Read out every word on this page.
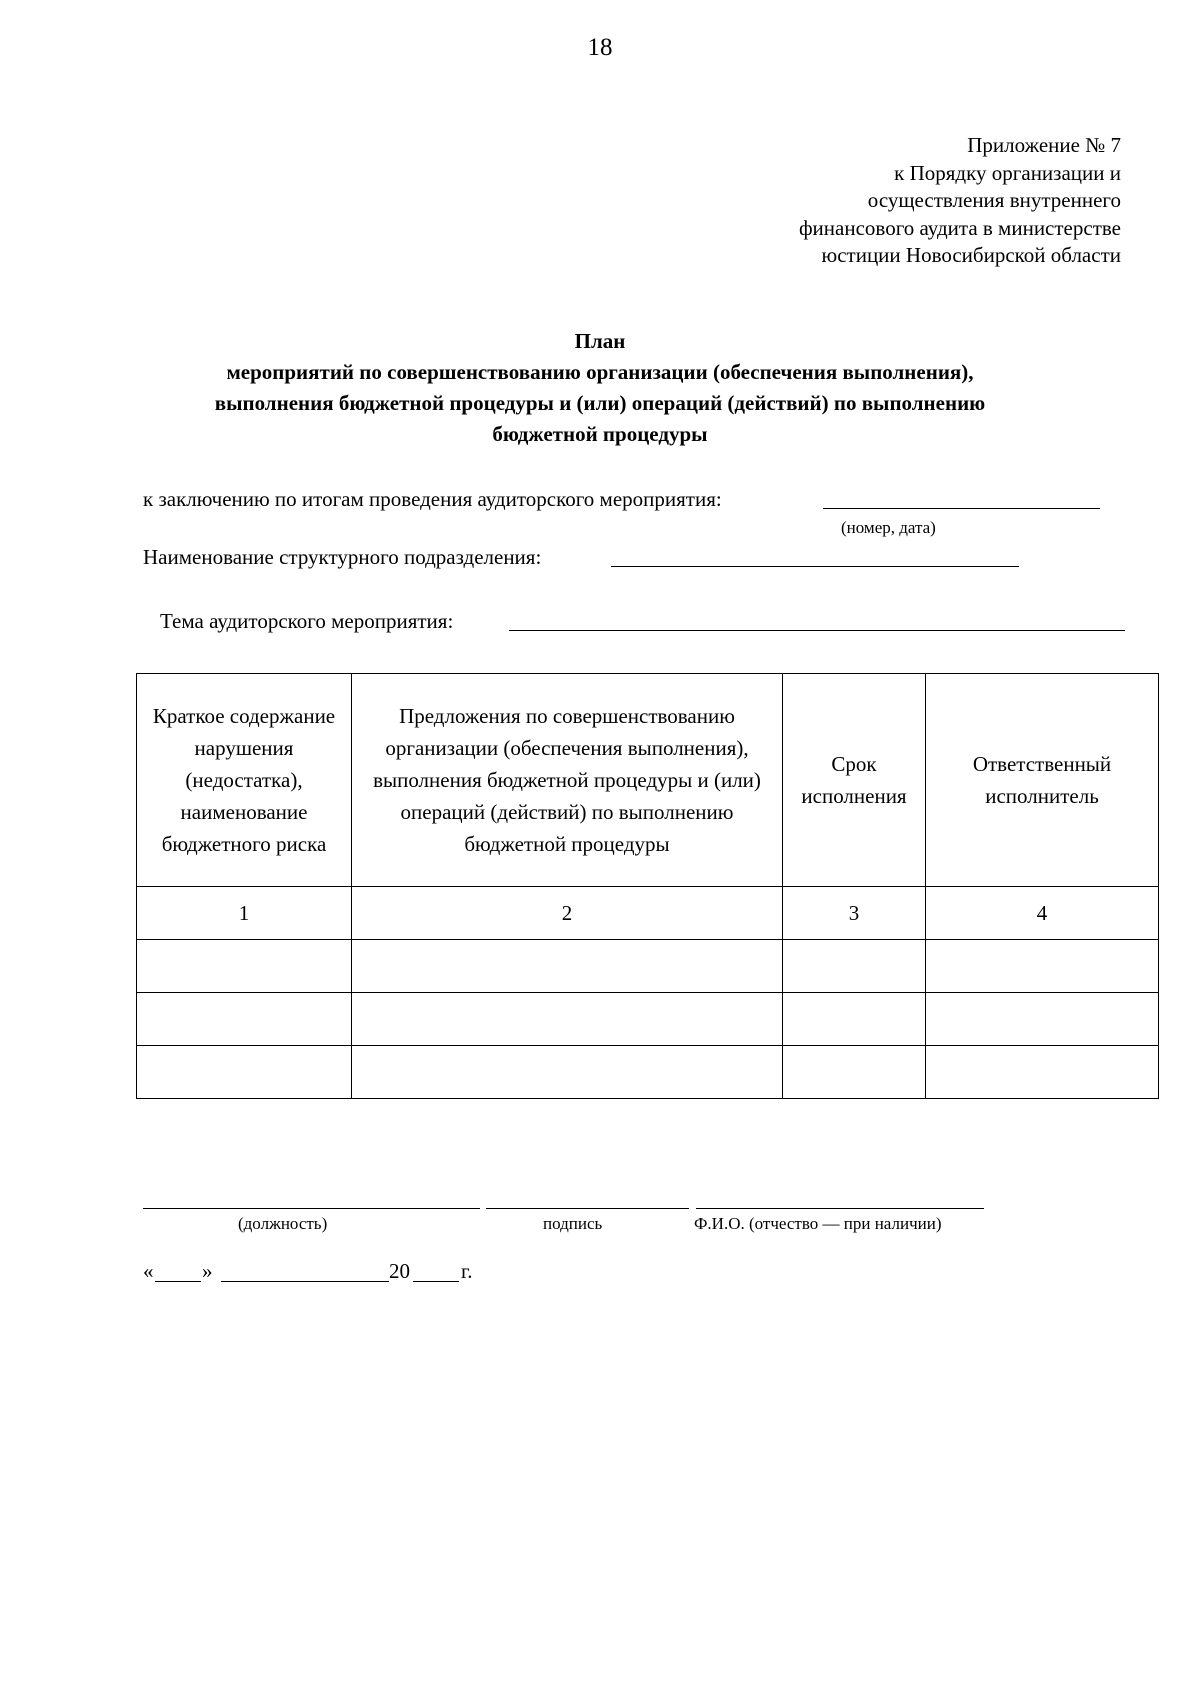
18
Приложение № 7
к Порядку организации и
осуществления внутреннего
финансового аудита в министерстве
юстиции Новосибирской области
План
мероприятий по совершенствованию организации (обеспечения выполнения),
выполнения бюджетной процедуры и (или) операций (действий) по выполнению
бюджетной процедуры
к заключению по итогам проведения аудиторского мероприятия:
(номер, дата)
Наименование структурного подразделения:
Тема аудиторского мероприятия:
Краткое содержание нарушения (недостатка), наименование бюджетного риска	Предложения по совершенствованию организации (обеспечения выполнения), выполнения бюджетной процедуры и (или) операций (действий) по выполнению бюджетной процедуры	Срок исполнения	Ответственный исполнитель
1	2	3	4

(должность)	подпись	Ф.И.О. (отчество — при наличии)
« »	20 г.
